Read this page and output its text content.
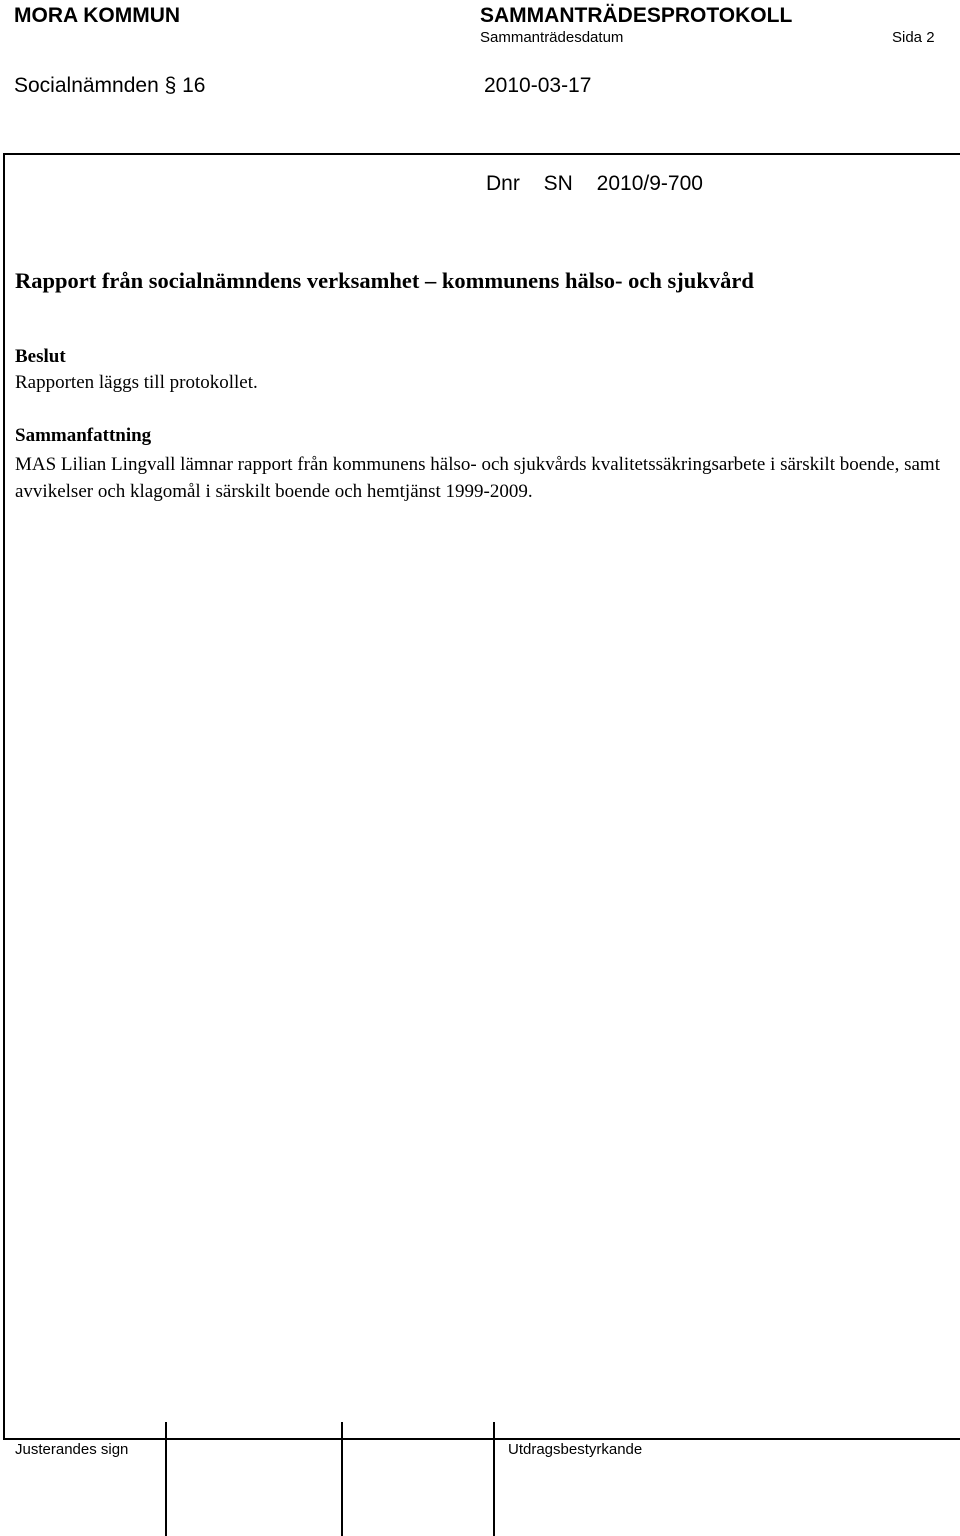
MORA KOMMUN	SAMMANTRÄDESPROTOKOLL
Sammanträdesdatum	Sida 2
Socialnämnden § 16	2010-03-17
Dnr SN 2010/9-700
Rapport från socialnämndens verksamhet – kommunens hälso- och sjukvård
Beslut
Rapporten läggs till protokollet.
Sammanfattning
MAS Lilian Lingvall lämnar rapport från kommunens hälso- och sjukvårds kvalitetssäkringsarbete i särskilt boende, samt avvikelser och klagomål i särskilt boende och hemtjänst 1999-2009.
Justerandes sign	Utdragsbestyrkande
